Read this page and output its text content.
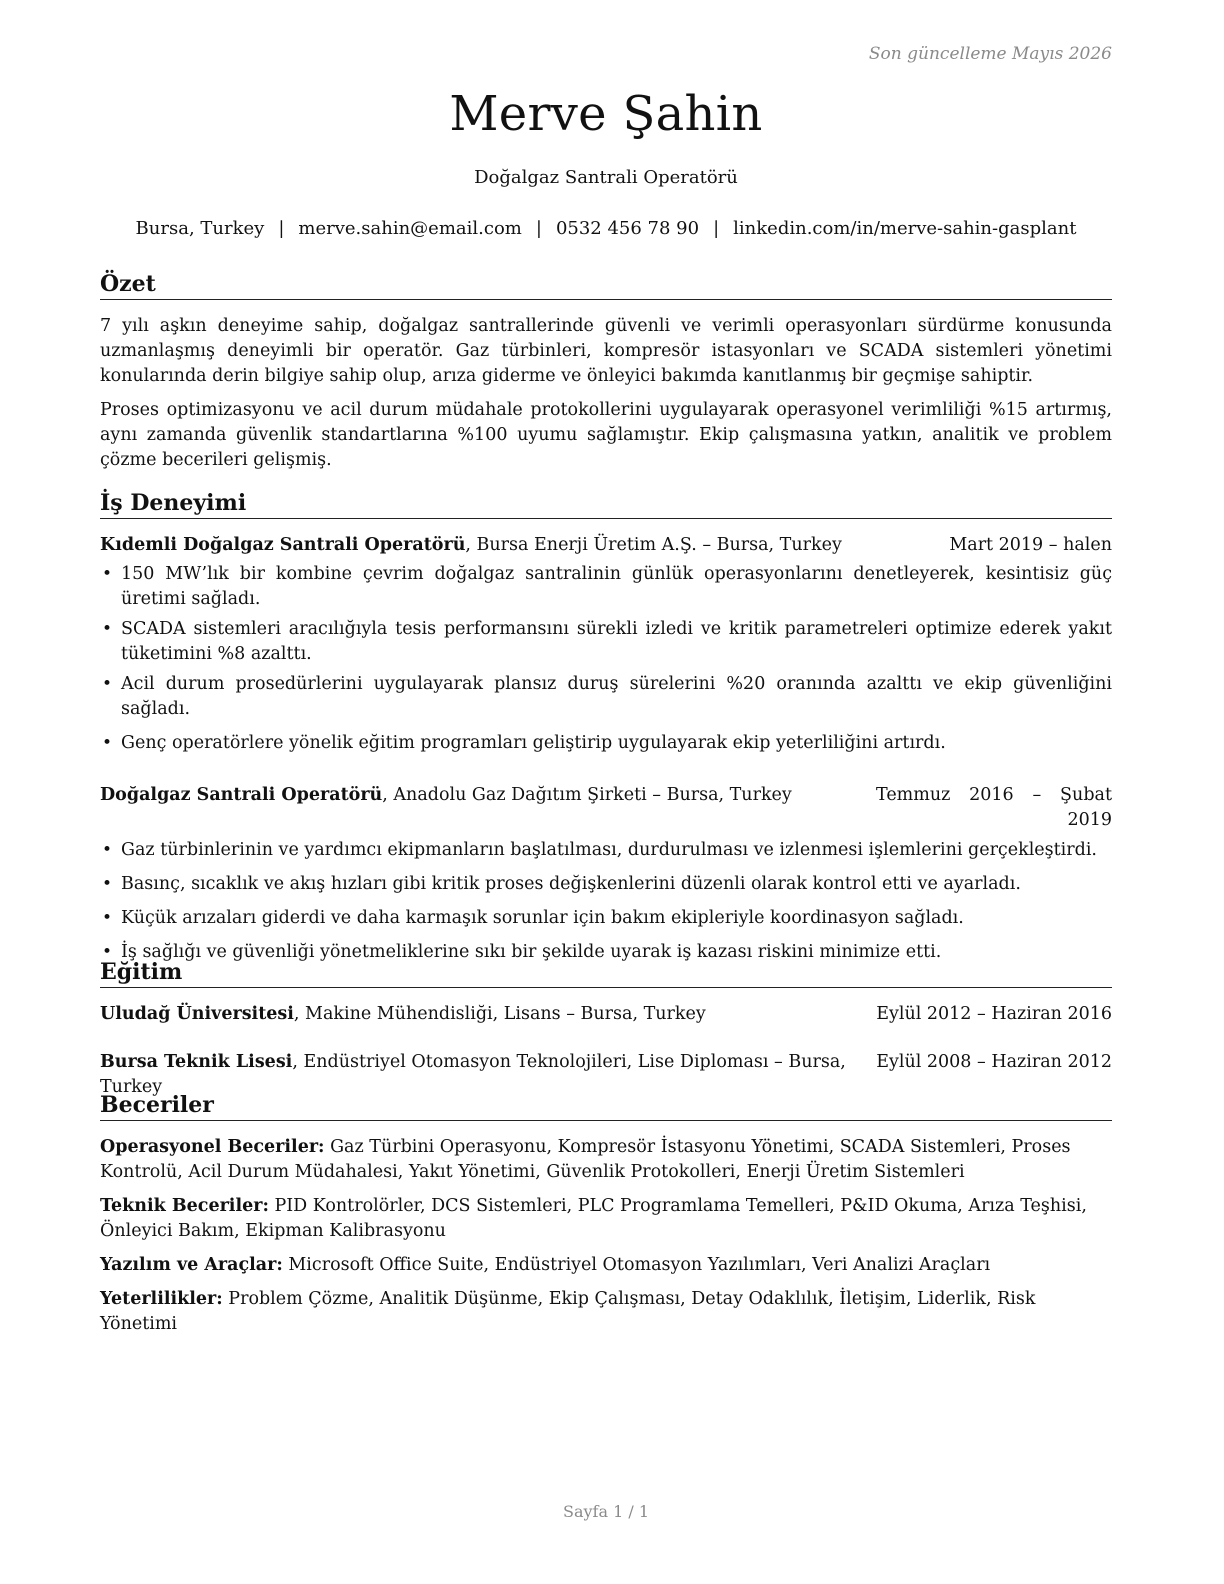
Son güncelleme Mayıs 2026
Merve Şahin
Doğalgaz Santrali Operatörü
Bursa, Turkey | merve.sahin@email.com | 0532 456 78 90 | linkedin.com/in/merve-sahin-gasplant
Özet

7 yılı aşkın deneyime sahip, doğalgaz santrallerinde güvenli ve verimli operasyonları sürdürme konusunda uzmanlaşmış deneyimli bir operatör. Gaz türbinleri, kompresör istasyonları ve SCADA sistemleri yönetimi konularında derin bilgiye sahip olup, arıza giderme ve önleyici bakımda kanıtlanmış bir geçmişe sahiptir.

Proses optimizasyonu ve acil durum müdahale protokollerini uygulayarak operasyonel verimliliği %15 artırmış, aynı zamanda güvenlik standartlarına %100 uyumu sağlamıştır. Ekip çalışmasına yatkın, analitik ve problem çözme becerileri gelişmiş.

İş Deneyimi
Kıdemli Doğalgaz Santrali Operatörü, Bursa Enerji Üretim A.Ş. – Bursa, Turkey	Mart 2019 – halen
• 150 MW’lık bir kombine çevrim doğalgaz santralinin günlük operasyonlarını denetleyerek, kesintisiz güç üretimi sağladı.
• SCADA sistemleri aracılığıyla tesis performansını sürekli izledi ve kritik parametreleri optimize ederek yakıt tüketimini %8 azalttı.
• Acil durum prosedürlerini uygulayarak plansız duruş sürelerini %20 oranında azalttı ve ekip güvenliğini sağladı.
• Genç operatörlere yönelik eğitim programları geliştirip uygulayarak ekip yeterliliğini artırdı.
Doğalgaz Santrali Operatörü, Anadolu Gaz Dağıtım Şirketi – Bursa, Turkey	Temmuz 2016 – Şubat 2019
• Gaz türbinlerinin ve yardımcı ekipmanların başlatılması, durdurulması ve izlenmesi işlemlerini gerçekleştirdi.
• Basınç, sıcaklık ve akış hızları gibi kritik proses değişkenlerini düzenli olarak kontrol etti ve ayarladı.
• Küçük arızaları giderdi ve daha karmaşık sorunlar için bakım ekipleriyle koordinasyon sağladı.
• İş sağlığı ve güvenliği yönetmeliklerine sıkı bir şekilde uyarak iş kazası riskini minimize etti.
Eğitim
Uludağ Üniversitesi, Makine Mühendisliği, Lisans – Bursa, Turkey	Eylül 2012 – Haziran 2016
Bursa Teknik Lisesi, Endüstriyel Otomasyon Teknolojileri, Lise Diploması – Bursa, Turkey
Eylül 2008 – Haziran 2012
Beceriler
Operasyonel Beceriler: Gaz Türbini Operasyonu, Kompresör İstasyonu Yönetimi, SCADA Sistemleri, Proses Kontrolü, Acil Durum Müdahalesi, Yakıt Yönetimi, Güvenlik Protokolleri, Enerji Üretim Sistemleri
Teknik Beceriler: PID Kontrolörler, DCS Sistemleri, PLC Programlama Temelleri, P&ID Okuma, Arıza Teşhisi, Önleyici Bakım, Ekipman Kalibrasyonu
Yazılım ve Araçlar: Microsoft Office Suite, Endüstriyel Otomasyon Yazılımları, Veri Analizi Araçları
Yeterlilikler: Problem Çözme, Analitik Düşünme, Ekip Çalışması, Detay Odaklılık, İletişim, Liderlik, Risk Yönetimi
Sayfa 1 / 1
